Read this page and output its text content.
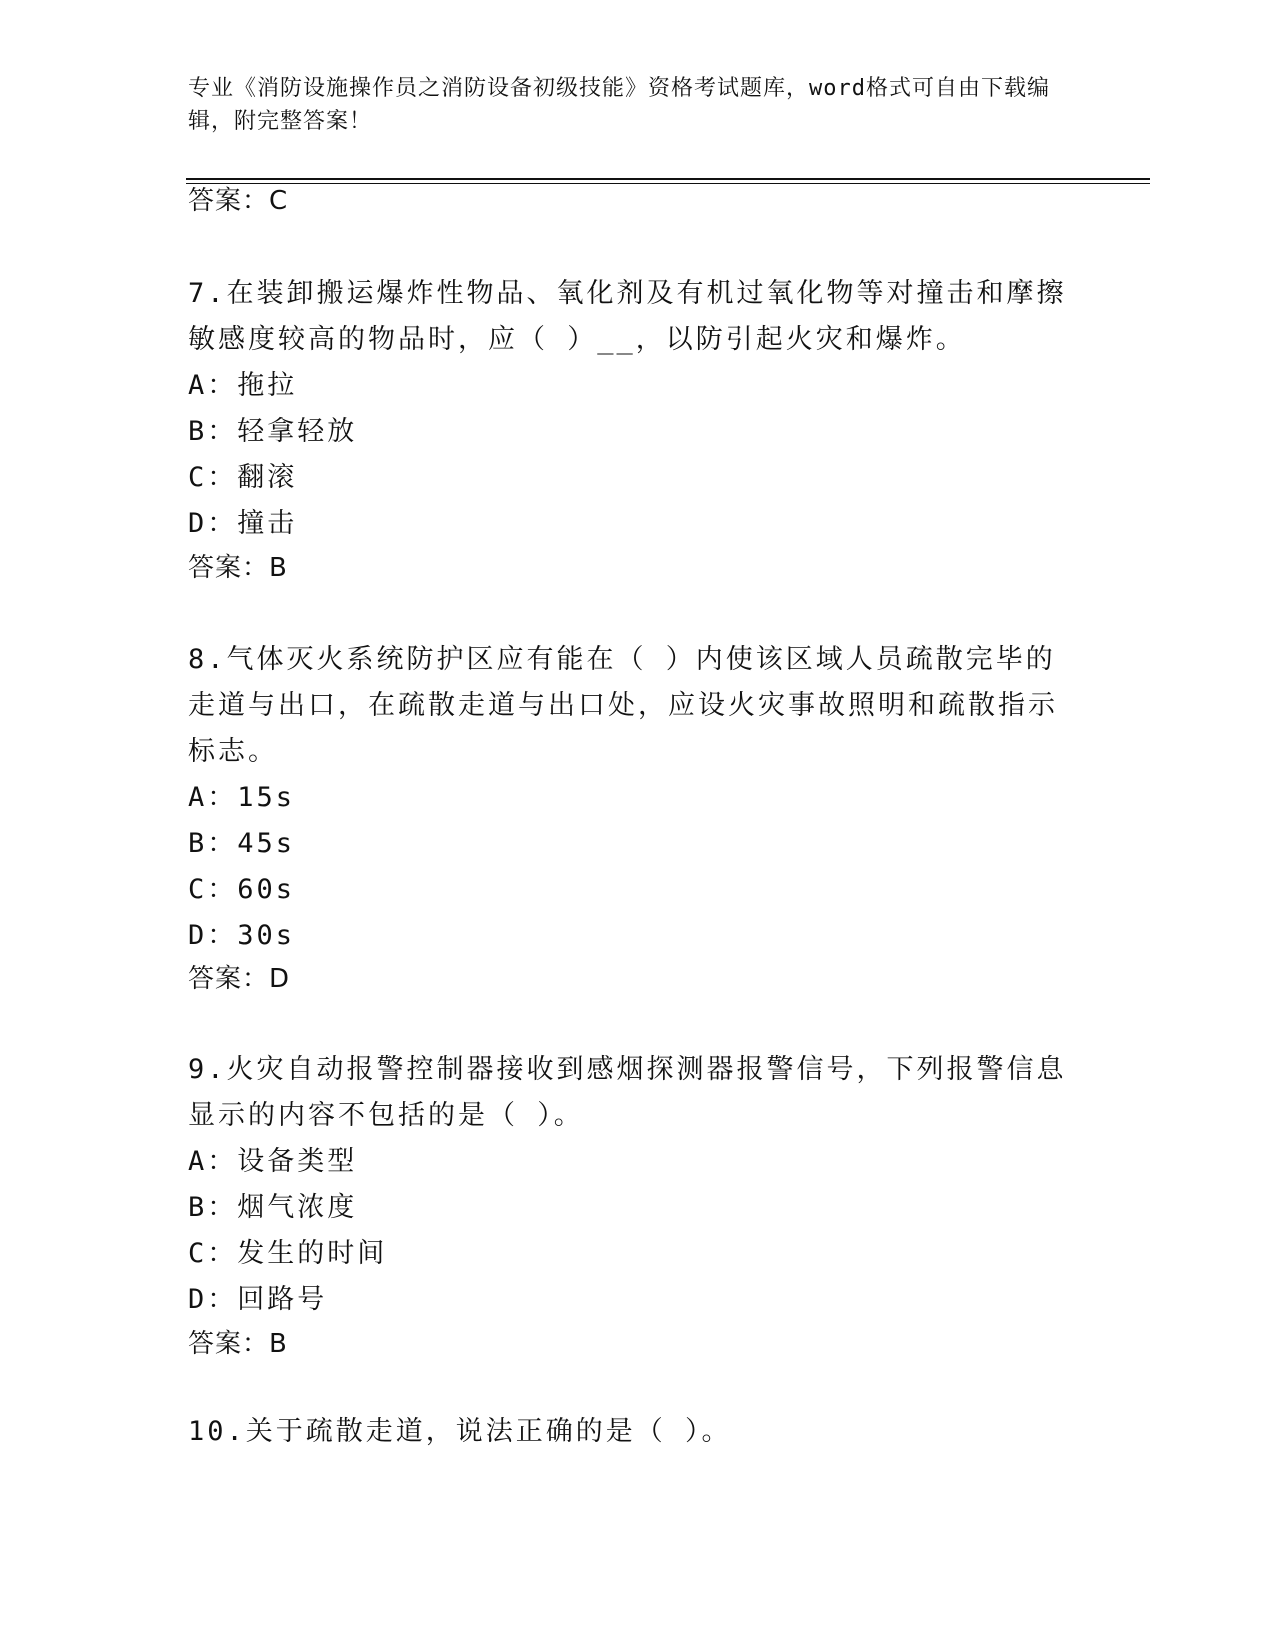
专业《消防设施操作员之消防设备初级技能》资格考试题库，word格式可自由下载编辑，附完整答案！
答案：C

7.在装卸搬运爆炸性物品、氧化剂及有机过氧化物等对撞击和摩擦敏感度较高的物品时，应（ ）__，以防引起火灾和爆炸。

A：拖拉

B：轻拿轻放

C：翻滚

D：撞击

答案：B

8.气体灭火系统防护区应有能在（ ）内使该区域人员疏散完毕的走道与出口，在疏散走道与出口处，应设火灾事故照明和疏散指示标志。

A：15s

B：45s

C：60s

D：30s

答案：D

9.火灾自动报警控制器接收到感烟探测器报警信号，下列报警信息显示的内容不包括的是（ ）。

A：设备类型

B：烟气浓度

C：发生的时间

D：回路号

答案：B

10.关于疏散走道，说法正确的是（ ）。
